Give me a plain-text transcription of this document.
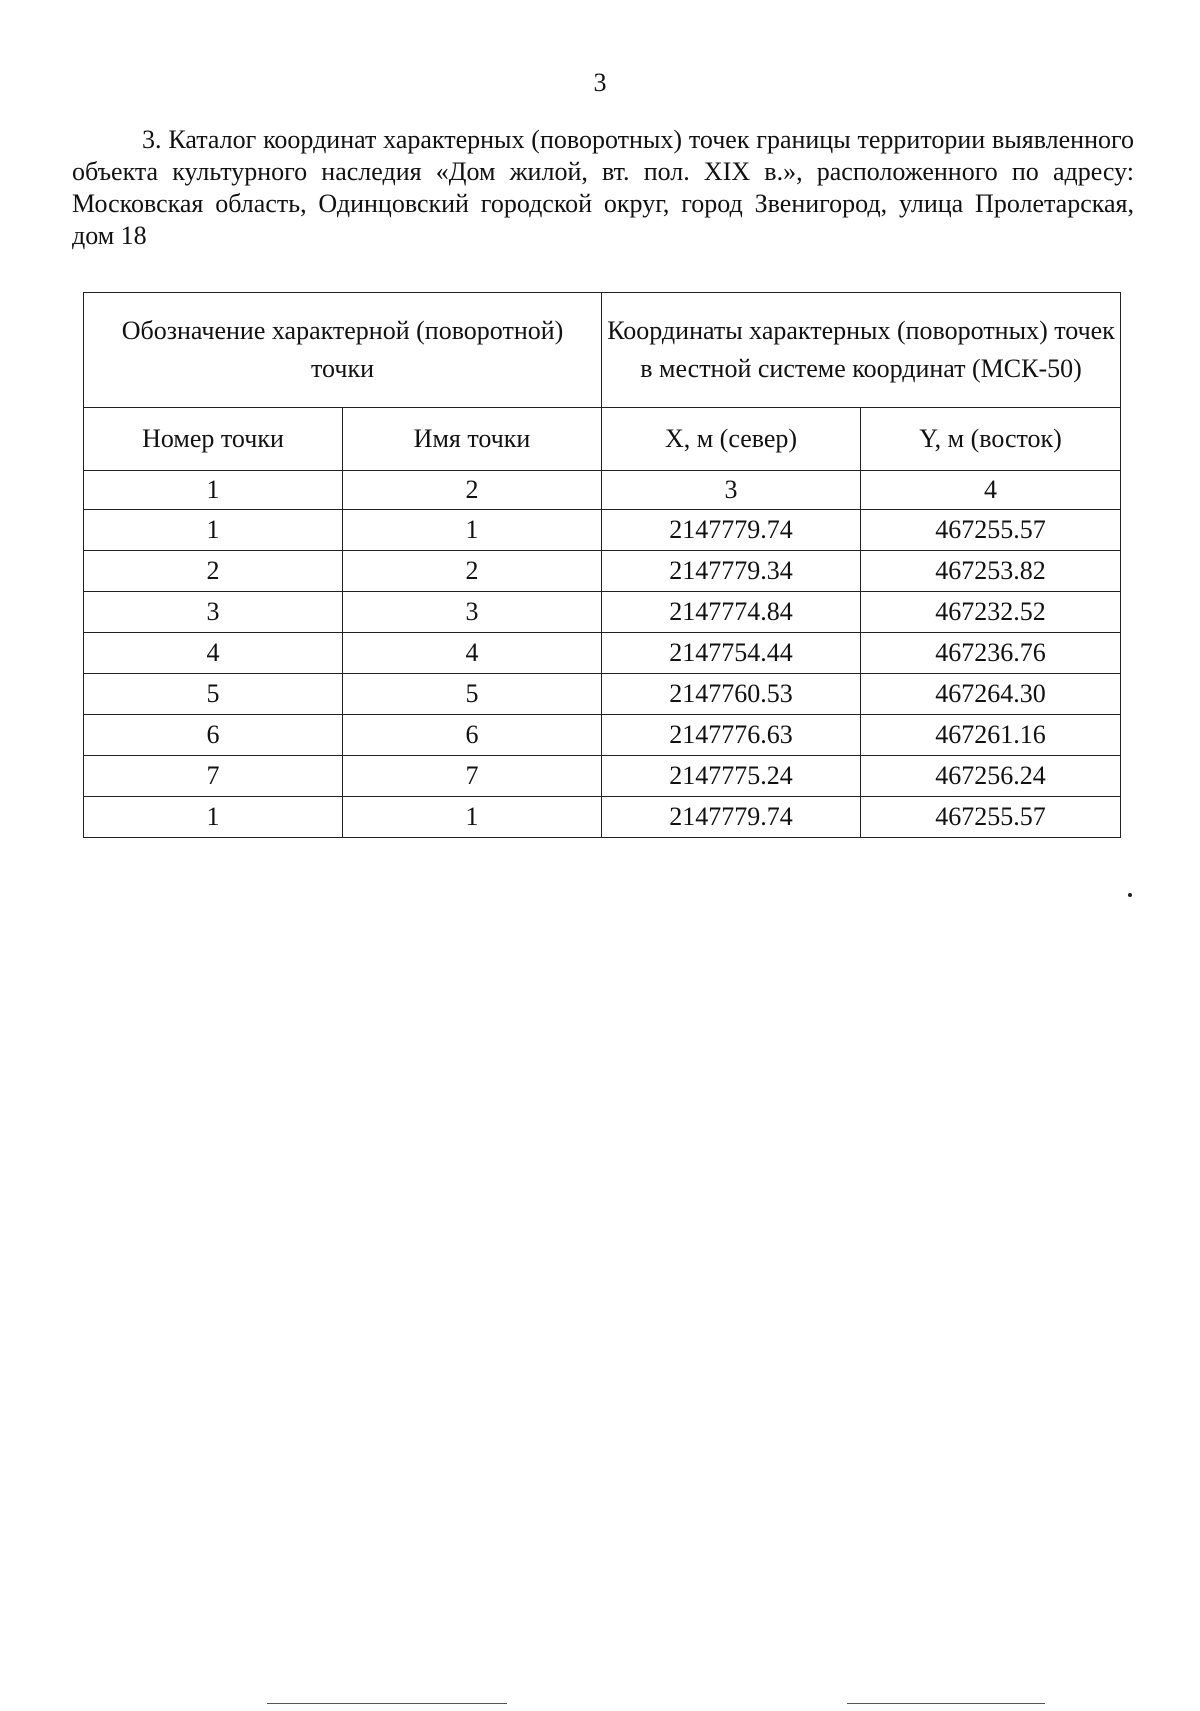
3

3. Каталог координат характерных (поворотных) точек границы территории выявленного объекта культурного наследия «Дом жилой, вт. пол. XIX в.», расположенного по адресу: Московская область, Одинцовский городской округ, город Звенигород, улица Пролетарская, дом 18

Обозначение характерной (поворотной) точки		Координаты характерных (поворотных) точек в местной системе координат (МСК-50)	
Номер точки	Имя точки	X, м (север)	Y, м (восток)
1	2	3	4
1	1	2147779.74	467255.57
2	2	2147779.34	467253.82
3	3	2147774.84	467232.52
4	4	2147754.44	467236.76
5	5	2147760.53	467264.30
6	6	2147776.63	467261.16
7	7	2147775.24	467256.24
1	1	2147779.74	467255.57
